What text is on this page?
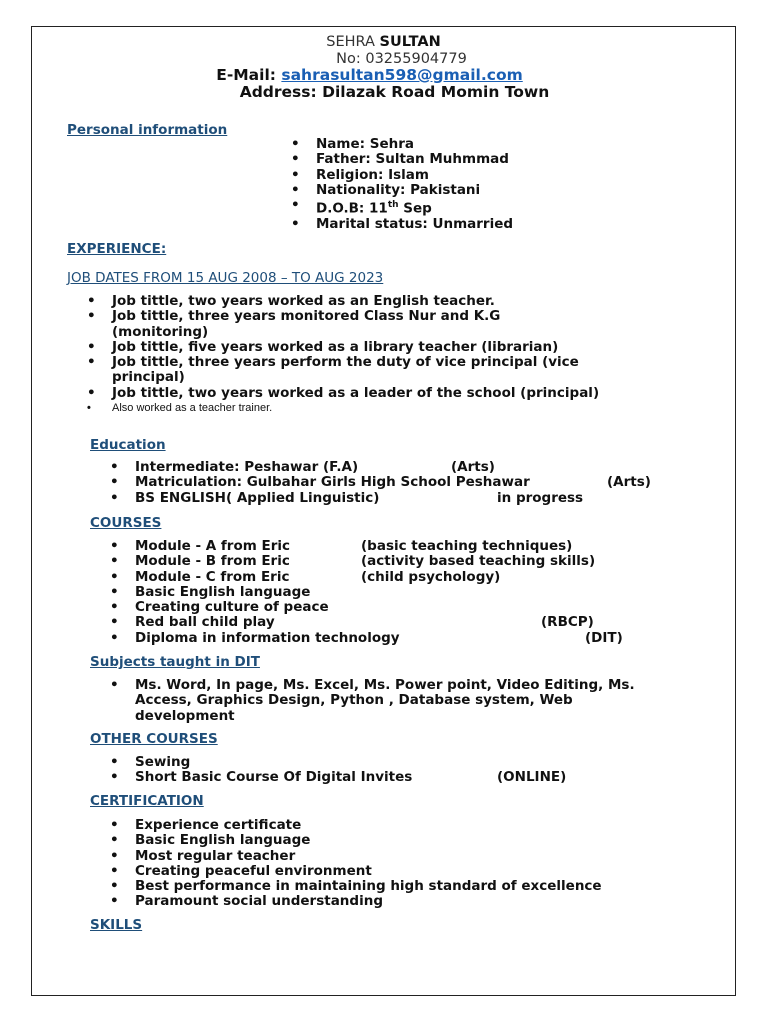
SEHRA SULTAN
No: 03255904779
E-Mail: sahrasultan598@gmail.com
Address: Dilazak Road Momin Town
Personal information
• Name: Sehra
• Father: Sultan Muhmmad
• Religion: Islam
• Nationality: Pakistani
• D.O.B: 11th Sep
• Marital status: Unmarried
EXPERIENCE:
JOB DATES FROM 15 AUG 2008 – TO AUG 2023
• Job tittle, two years worked as an English teacher.
• Job tittle, three years monitored Class Nur and K.G (monitoring)
• Job tittle, five years worked as a library teacher (librarian)
• Job tittle, three years perform the duty of vice principal (vice principal)
• Job tittle, two years worked as a leader of the school (principal)
• Also worked as a teacher trainer.
Education
• Intermediate: Peshawar (F.A)	(Arts)
• Matriculation: Gulbahar Girls High School Peshawar	(Arts)
• BS ENGLISH( Applied Linguistic)	in progress
COURSES
• Module - A from Eric	(basic teaching techniques)
• Module - B from Eric	(activity based teaching skills)
• Module - C from Eric	(child psychology)
• Basic English language
• Creating culture of peace
• Red ball child play	(RBCP)
• Diploma in information technology	(DIT)
Subjects taught in DIT
• Ms. Word, In page, Ms. Excel, Ms. Power point, Video Editing, Ms. Access, Graphics Design, Python , Database system, Web development
OTHER COURSES
• Sewing
• Short Basic Course Of Digital Invites	(ONLINE)
CERTIFICATION
• Experience certificate
• Basic English language
• Most regular teacher
• Creating peaceful environment
• Best performance in maintaining high standard of excellence
• Paramount social understanding
SKILLS
